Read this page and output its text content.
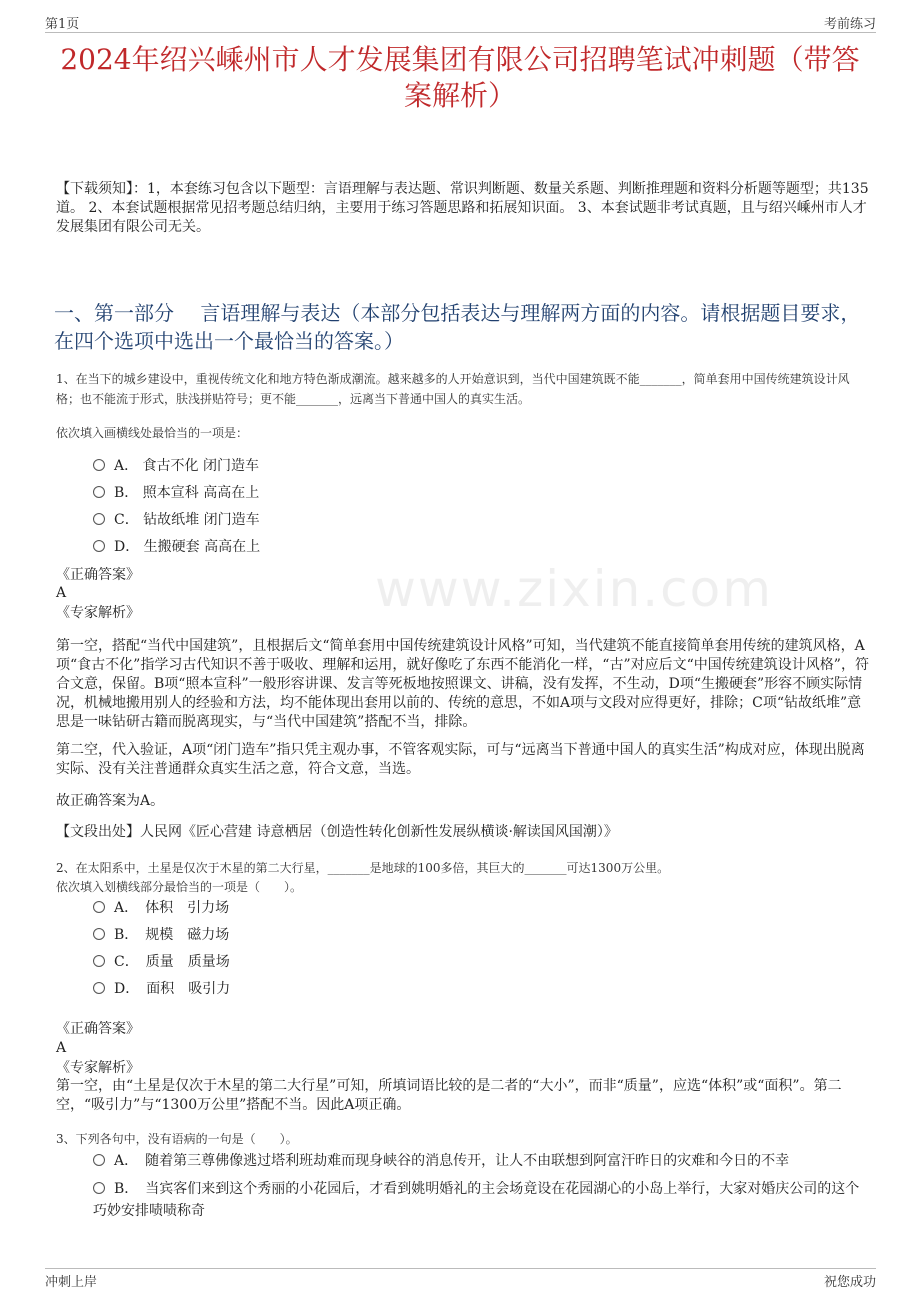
第1页	考前练习
www.zixin.com
2024年绍兴嵊州市人才发展集团有限公司招聘笔试冲刺题（带答案解析）
【下载须知】：1，本套练习包含以下题型：言语理解与表达题、常识判断题、数量关系题、判断推理题和资料分析题等题型；共135道。 2、本套试题根据常见招考题总结归纳，主要用于练习答题思路和拓展知识面。 3、本套试题非考试真题，且与绍兴嵊州市人才发展集团有限公司无关。
一、第一部分　 言语理解与表达（本部分包括表达与理解两方面的内容。请根据题目要求，在四个选项中选出一个最恰当的答案。）
1、在当下的城乡建设中，重视传统文化和地方特色渐成潮流。越来越多的人开始意识到，当代中国建筑既不能_______，简单套用中国传统建筑设计风格；也不能流于形式，肤浅拼贴符号；更不能_______，远离当下普通中国人的真实生活。
依次填入画横线处最恰当的一项是：
A． 食古不化 闭门造车
B． 照本宣科 高高在上
C． 钻故纸堆 闭门造车
D． 生搬硬套 高高在上
《正确答案》
A
《专家解析》
第一空，搭配“当代中国建筑”，且根据后文“简单套用中国传统建筑设计风格”可知，当代建筑不能直接简单套用传统的建筑风格，A项“食古不化”指学习古代知识不善于吸收、理解和运用，就好像吃了东西不能消化一样，“古”对应后文“中国传统建筑设计风格”，符合文意，保留。B项“照本宣科”一般形容讲课、发言等死板地按照课文、讲稿，没有发挥，不生动，D项“生搬硬套”形容不顾实际情况，机械地搬用别人的经验和方法，均不能体现出套用以前的、传统的意思，不如A项与文段对应得更好，排除；C项“钻故纸堆”意思是一味钻研古籍而脱离现实，与“当代中国建筑”搭配不当，排除。
第二空，代入验证，A项“闭门造车”指只凭主观办事，不管客观实际，可与“远离当下普通中国人的真实生活”构成对应，体现出脱离实际、没有关注普通群众真实生活之意，符合文意，当选。
故正确答案为A。
【文段出处】人民网《匠心营建 诗意栖居（创造性转化创新性发展纵横谈·解读国风国潮）》
2、在太阳系中，土星是仅次于木星的第二大行星，_______是地球的100多倍，其巨大的_______可达1300万公里。
依次填入划横线部分最恰当的一项是（　　）。
A．　体积　引力场
B．　规模　磁力场
C．　质量　质量场
D．　面积　吸引力
《正确答案》
A
《专家解析》
第一空，由“土星是仅次于木星的第二大行星”可知，所填词语比较的是二者的“大小”，而非“质量”，应选“体积”或“面积”。第二空，“吸引力”与“1300万公里”搭配不当。因此A项正确。
3、下列各句中，没有语病的一句是（　　）。
A．　随着第三尊佛像逃过塔利班劫难而现身峡谷的消息传开，让人不由联想到阿富汗昨日的灾难和今日的不幸
B．　当宾客们来到这个秀丽的小花园后，才看到姚明婚礼的主会场竟设在花园湖心的小岛上举行，大家对婚庆公司的这个巧妙安排啧啧称奇
冲刺上岸	祝您成功
